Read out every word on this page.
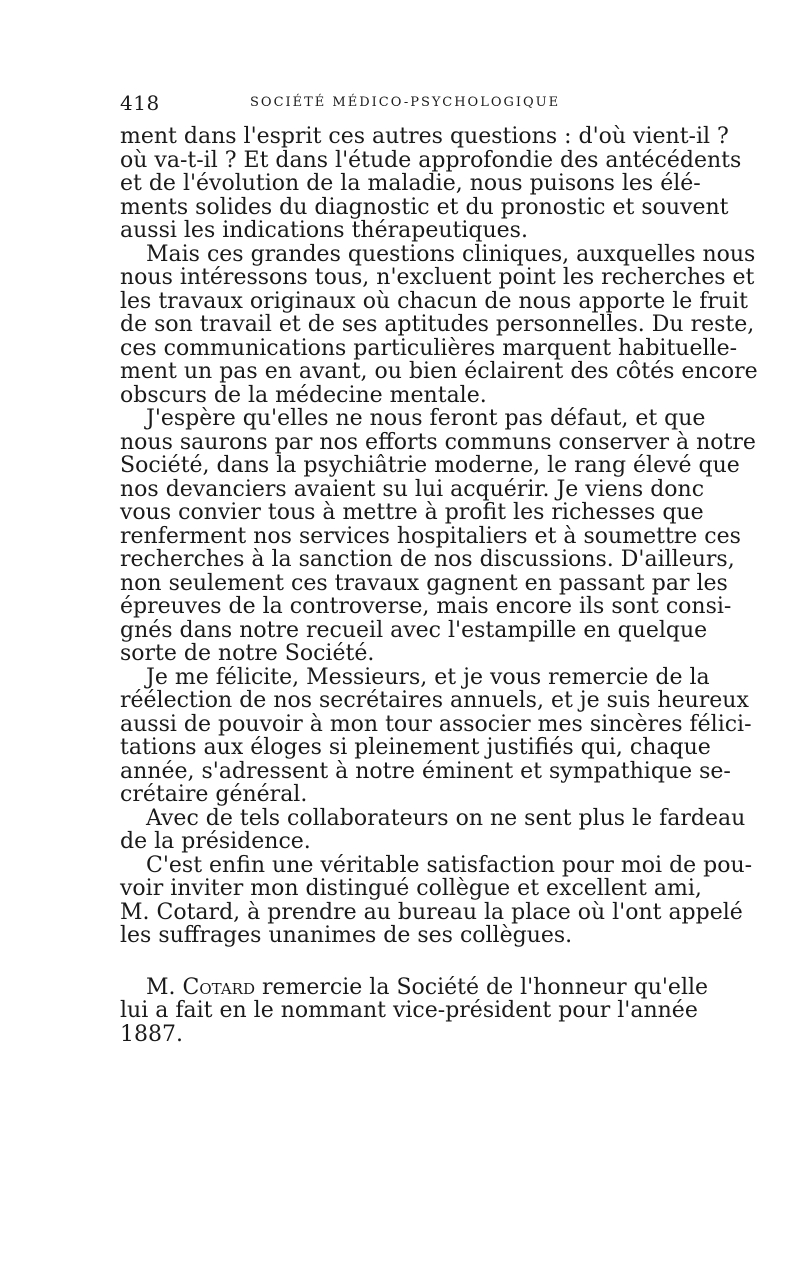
418	SOCIÉTÉ MÉDICO-PSYCHOLOGIQUE
ment dans l'esprit ces autres questions : d'où vient-il ?
où va-t-il ? Et dans l'étude approfondie des antécédents
et de l'évolution de la maladie, nous puisons les élé-
ments solides du diagnostic et du pronostic et souvent
aussi les indications thérapeutiques.
Mais ces grandes questions cliniques, auxquelles nous
nous intéressons tous, n'excluent point les recherches et
les travaux originaux où chacun de nous apporte le fruit
de son travail et de ses aptitudes personnelles. Du reste,
ces communications particulières marquent habituelle-
ment un pas en avant, ou bien éclairent des côtés encore
obscurs de la médecine mentale.
J'espère qu'elles ne nous feront pas défaut, et que
nous saurons par nos efforts communs conserver à notre
Société, dans la psychiâtrie moderne, le rang élevé que
nos devanciers avaient su lui acquérir. Je viens donc
vous convier tous à mettre à profit les richesses que
renferment nos services hospitaliers et à soumettre ces
recherches à la sanction de nos discussions. D'ailleurs,
non seulement ces travaux gagnent en passant par les
épreuves de la controverse, mais encore ils sont consi-
gnés dans notre recueil avec l'estampille en quelque
sorte de notre Société.
Je me félicite, Messieurs, et je vous remercie de la
réélection de nos secrétaires annuels, et je suis heureux
aussi de pouvoir à mon tour associer mes sincères félici-
tations aux éloges si pleinement justifiés qui, chaque
année, s'adressent à notre éminent et sympathique se-
crétaire général.
Avec de tels collaborateurs on ne sent plus le fardeau
de la présidence.
C'est enfin une véritable satisfaction pour moi de pou-
voir inviter mon distingué collègue et excellent ami,
M. Cotard, à prendre au bureau la place où l'ont appelé
les suffrages unanimes de ses collègues.
M. Cotard remercie la Société de l'honneur qu'elle
lui a fait en le nommant vice-président pour l'année
1887.
